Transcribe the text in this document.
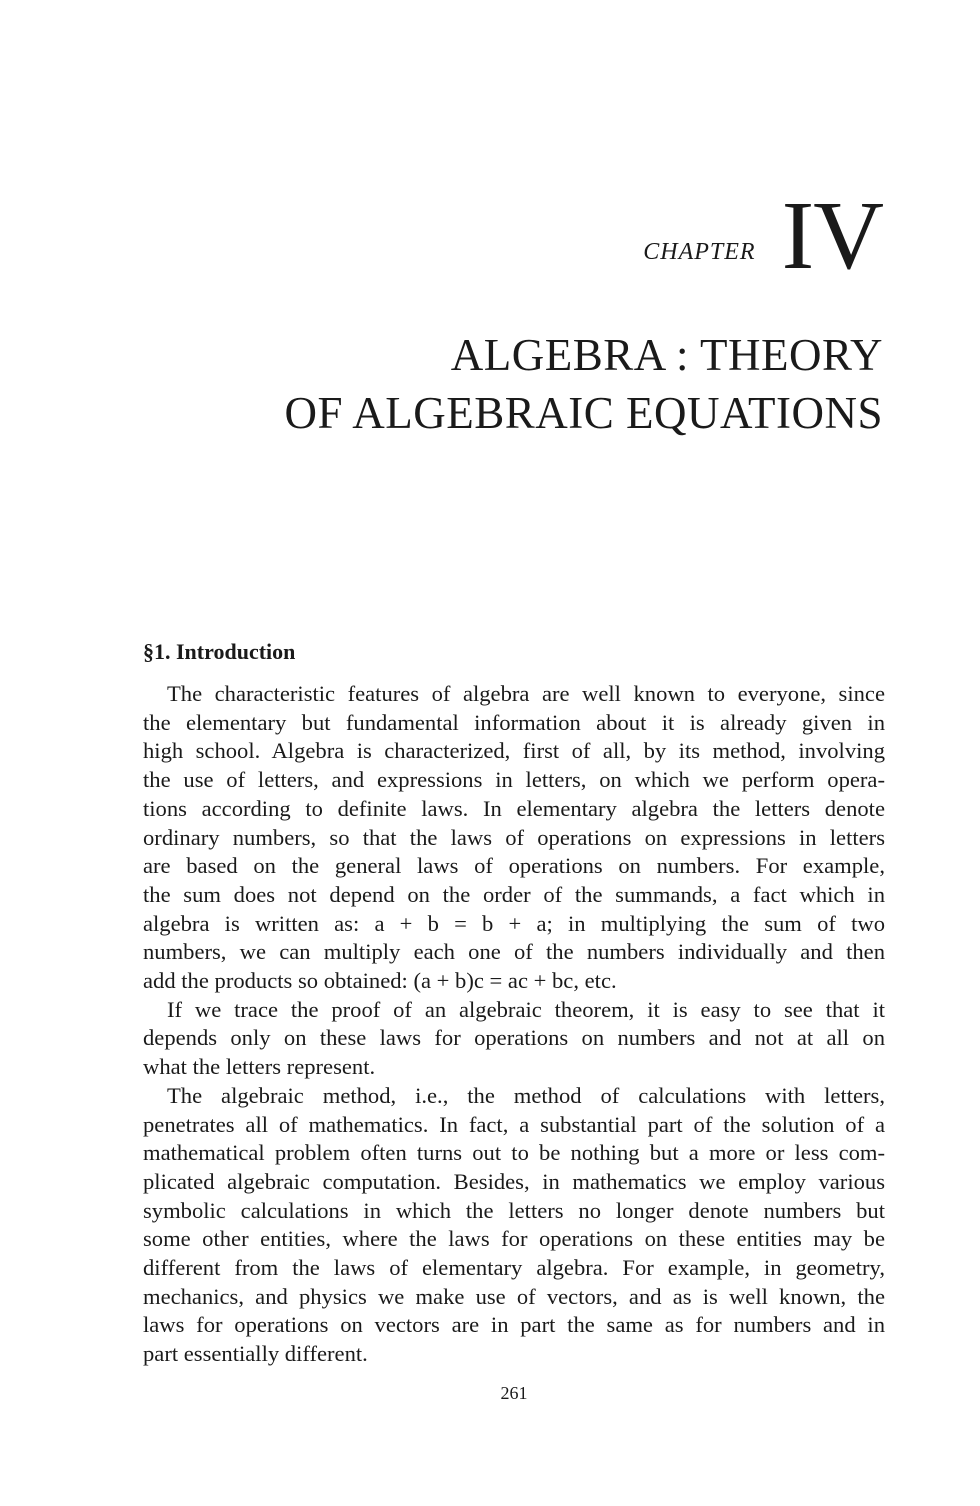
CHAPTER IV
ALGEBRA : THEORY
OF ALGEBRAIC EQUATIONS
§1. Introduction

The characteristic features of algebra are well known to everyone, since
the elementary but fundamental information about it is already given in
high school. Algebra is characterized, first of all, by its method, involving
the use of letters, and expressions in letters, on which we perform opera-
tions according to definite laws. In elementary algebra the letters denote
ordinary numbers, so that the laws of operations on expressions in letters
are based on the general laws of operations on numbers. For example,
the sum does not depend on the order of the summands, a fact which in
algebra is written as: a + b = b + a; in multiplying the sum of two
numbers, we can multiply each one of the numbers individually and then
add the products so obtained: (a + b)c = ac + bc, etc.

If we trace the proof of an algebraic theorem, it is easy to see that it
depends only on these laws for operations on numbers and not at all on
what the letters represent.

The algebraic method, i.e., the method of calculations with letters,
penetrates all of mathematics. In fact, a substantial part of the solution of a
mathematical problem often turns out to be nothing but a more or less com-
plicated algebraic computation. Besides, in mathematics we employ various
symbolic calculations in which the letters no longer denote numbers but
some other entities, where the laws for operations on these entities may be
different from the laws of elementary algebra. For example, in geometry,
mechanics, and physics we make use of vectors, and as is well known, the
laws for operations on vectors are in part the same as for numbers and in
part essentially different.

261
